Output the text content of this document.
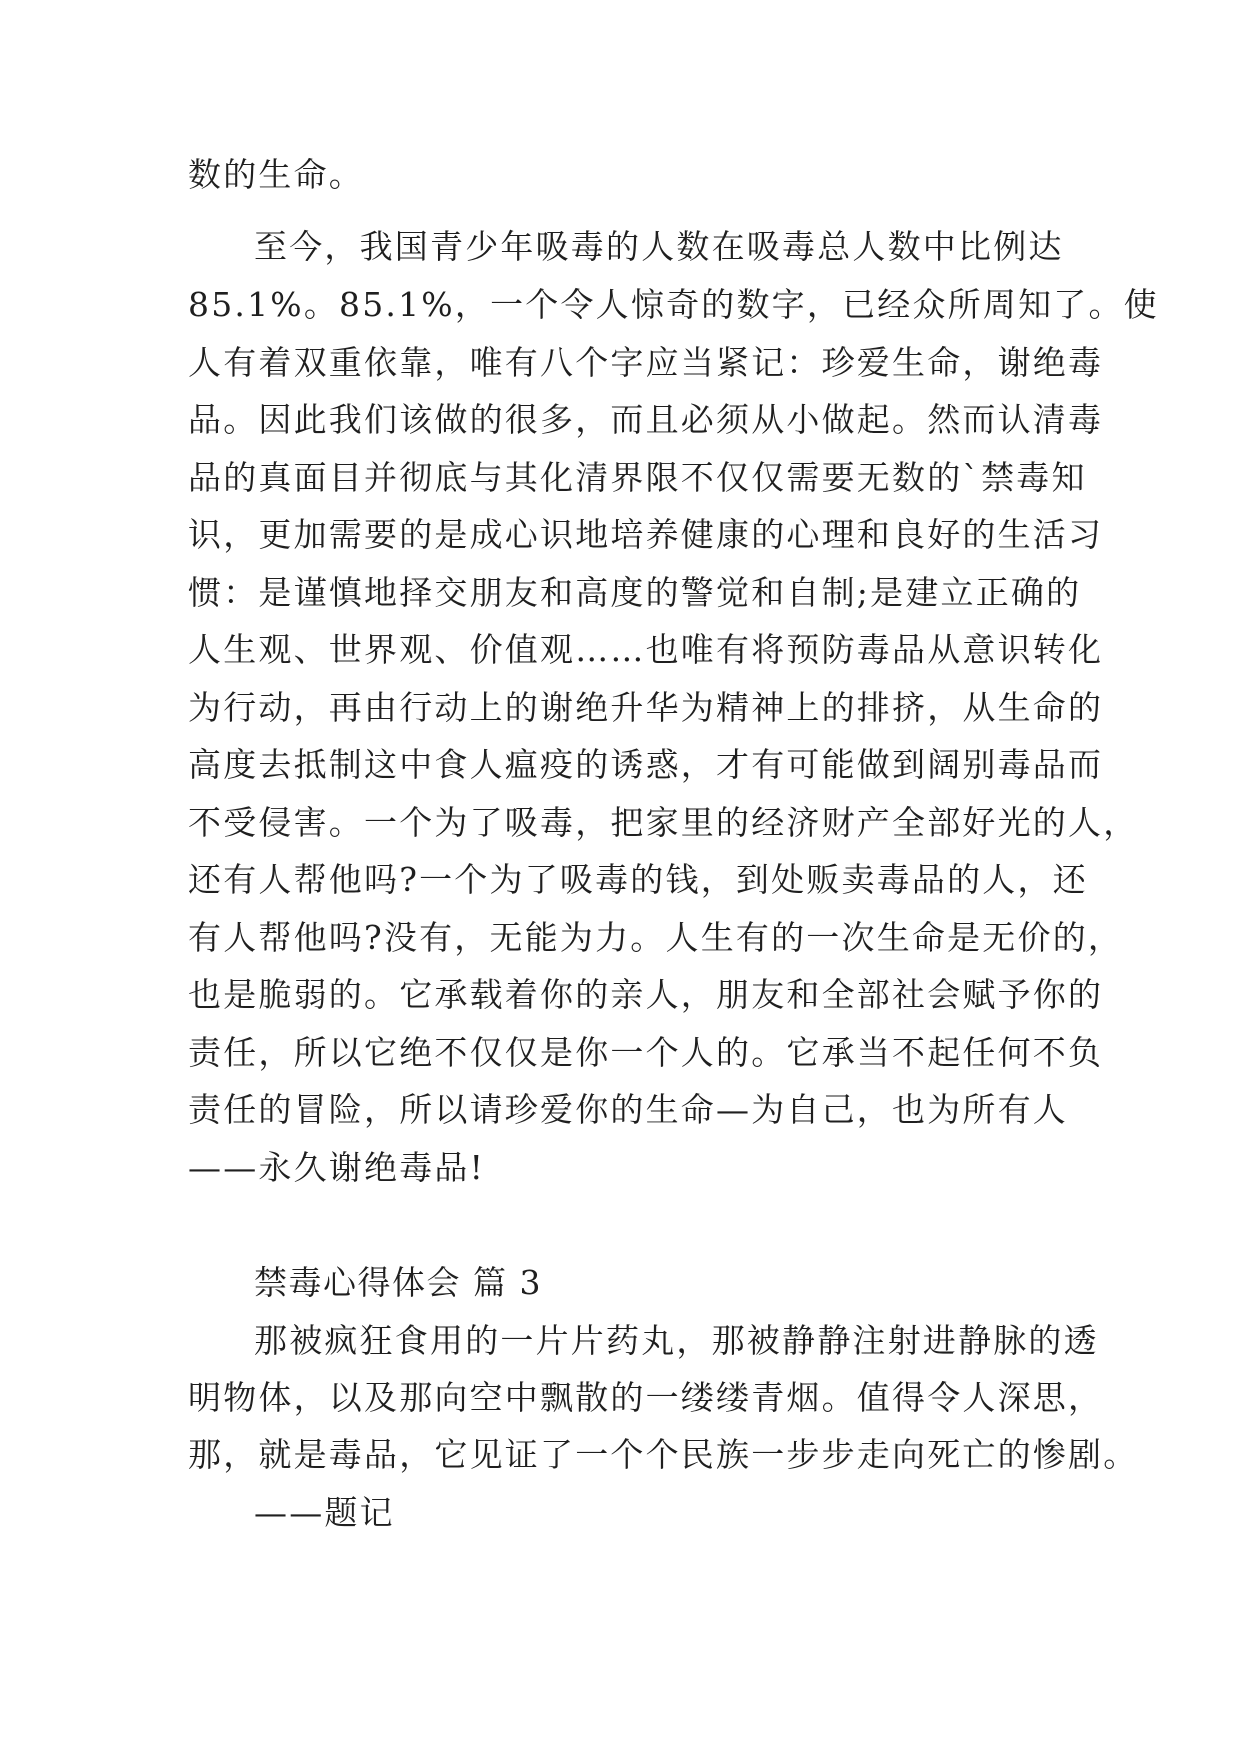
数的生命。
至今，我国青少年吸毒的人数在吸毒总人数中比例达
85.1%。85.1%，一个令人惊奇的数字，已经众所周知了。使
人有着双重依靠，唯有八个字应当紧记：珍爱生命，谢绝毒
品。因此我们该做的很多，而且必须从小做起。然而认清毒
品的真面目并彻底与其化清界限不仅仅需要无数的`禁毒知
识，更加需要的是成心识地培养健康的心理和良好的生活习
惯：是谨慎地择交朋友和高度的警觉和自制;是建立正确的
人生观、世界观、价值观……也唯有将预防毒品从意识转化
为行动，再由行动上的谢绝升华为精神上的排挤，从生命的
高度去抵制这中食人瘟疫的诱惑，才有可能做到阔别毒品而
不受侵害。一个为了吸毒，把家里的经济财产全部好光的人，
还有人帮他吗?一个为了吸毒的钱，到处贩卖毒品的人，还
有人帮他吗?没有，无能为力。人生有的一次生命是无价的，
也是脆弱的。它承载着你的亲人，朋友和全部社会赋予你的
责任，所以它绝不仅仅是你一个人的。它承当不起任何不负
责任的冒险，所以请珍爱你的生命—为自己，也为所有人
——永久谢绝毒品!
禁毒心得体会 篇 3
那被疯狂食用的一片片药丸，那被静静注射进静脉的透
明物体，以及那向空中飘散的一缕缕青烟。值得令人深思，
那，就是毒品，它见证了一个个民族一步步走向死亡的惨剧。
——题记
